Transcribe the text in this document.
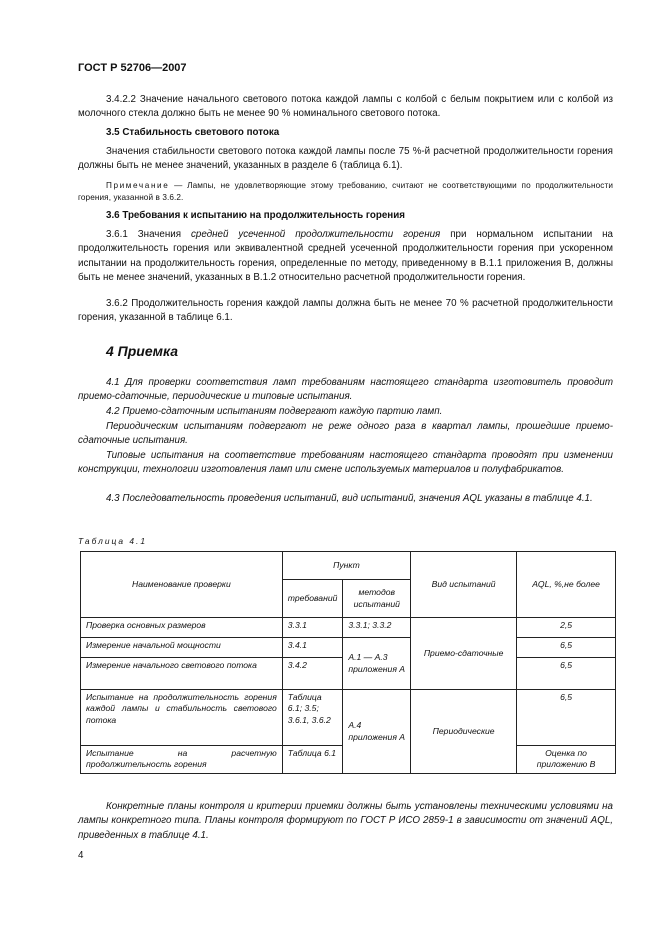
ГОСТ Р 52706—2007

3.4.2.2 Значение начального светового потока каждой лампы с колбой с белым покрытием или с колбой из молочного стекла должно быть не менее 90 % номинального светового потока.

3.5 Стабильность светового потока

Значения стабильности светового потока каждой лампы после 75 %-й расчетной продолжительности горения должны быть не менее значений, указанных в разделе 6 (таблица 6.1).

Примечание — Лампы, не удовлетворяющие этому требованию, считают не соответствующими по продолжительности горения, указанной в 3.6.2.

3.6 Требования к испытанию на продолжительность горения

3.6.1 Значения средней усеченной продолжительности горения при нормальном испытании на продолжительность горения или эквивалентной средней усеченной продолжительности горения при ускоренном испытании на продолжительность горения, определенные по методу, приведенному в В.1.1 приложения В, должны быть не менее значений, указанных в В.1.2 относительно расчетной продолжительности горения.

3.6.2 Продолжительность горения каждой лампы должна быть не менее 70 % расчетной продолжительности горения, указанной в таблице 6.1.

4 Приемка

4.1 Для проверки соответствия ламп требованиям настоящего стандарта изготовитель проводит приемо-сдаточные, периодические и типовые испытания.

4.2 Приемо-сдаточным испытаниям подвергают каждую партию ламп.

Периодическим испытаниям подвергают не реже одного раза в квартал лампы, прошедшие приемо-сдаточные испытания.

Типовые испытания на соответствие требованиям настоящего стандарта проводят при изменении конструкции, технологии изготовления ламп или смене используемых материалов и полуфабрикатов.

4.3 Последовательность проведения испытаний, вид испытаний, значения AQL указаны в таблице 4.1.

Таблица 4.1
Наименование проверки	Пункт		Вид испытаний	AQL, %,не более
	требований	методов испытаний		
Проверка основных размеров	3.3.1	3.3.1; 3.3.2	Приемо-сдаточные	2,5
Измерение начальной мощности	3.4.1	А.1 — А.3 приложения А		6,5
Измерение начального светового потока	3.4.2			6,5
Испытание на продолжительность горения каждой лампы и стабильность светового потока	Таблица 6.1; 3.5; 3.6.1, 3.6.2	А.4 приложения А	Периодические	6,5
Испытание на расчетную продолжительность горения	Таблица 6.1			Оценка по приложению В

Конкретные планы контроля и критерии приемки должны быть установлены техническими условиями на лампы конкретного типа. Планы контроля формируют по ГОСТ Р ИСО 2859-1 в зависимости от значений AQL, приведенных в таблице 4.1.

4
